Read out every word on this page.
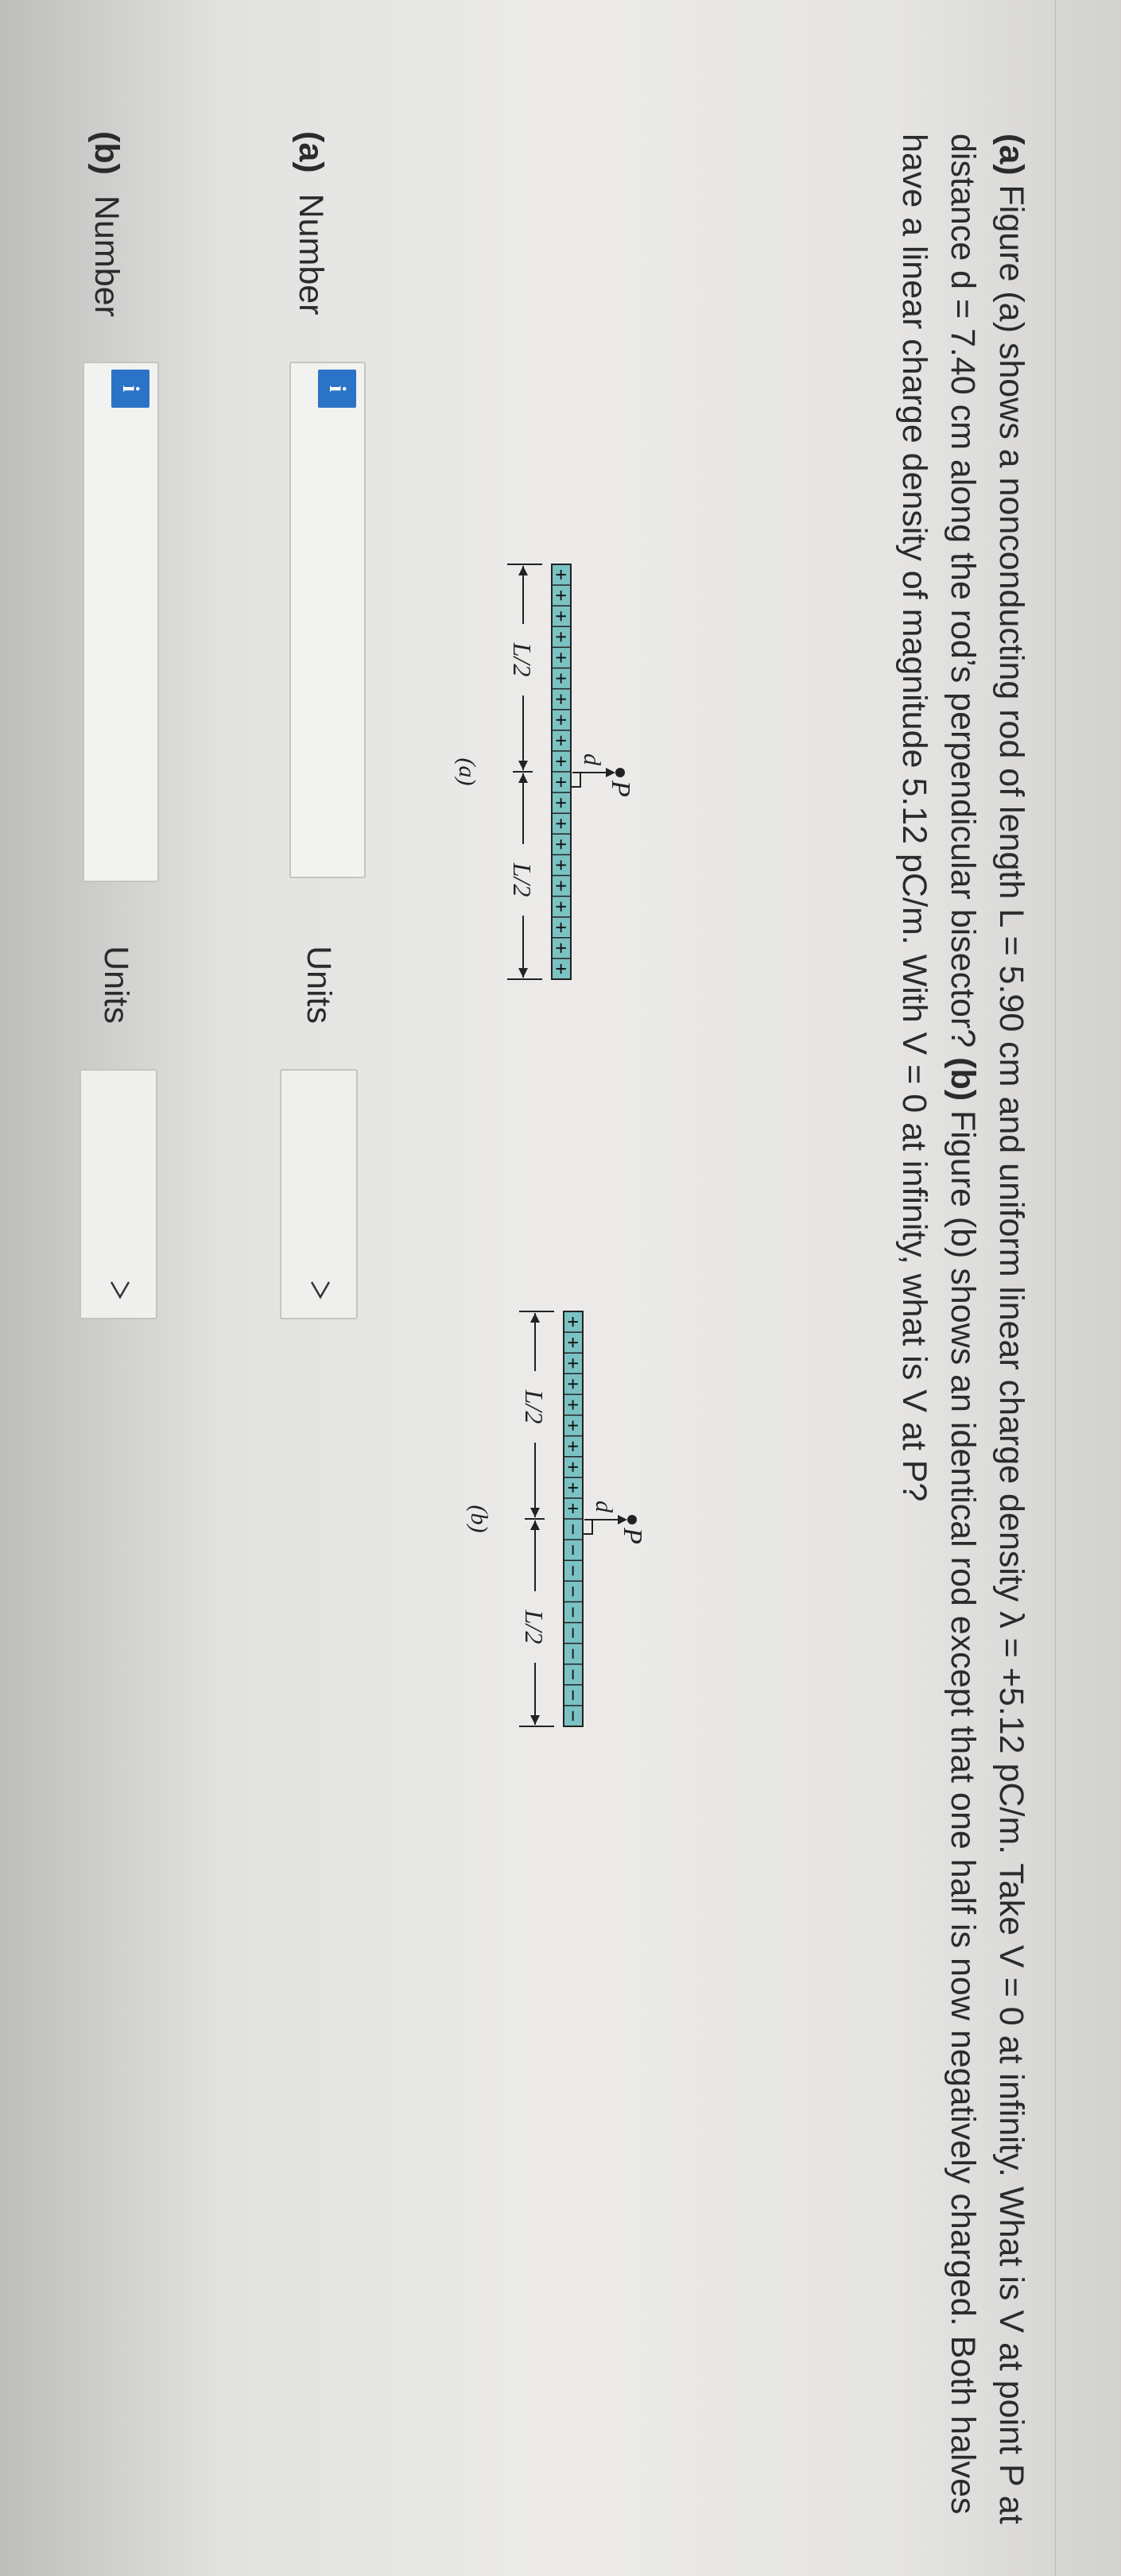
(a) Figure (a) shows a nonconducting rod of length L = 5.90 cm and uniform linear charge density λ = +5.12 pC/m. Take V = 0 at infinity. What is V at point P at distance d = 7.40 cm along the rod’s perpendicular bisector? (b) Figure (b) shows an identical rod except that one half is now negatively charged. Both halves have a linear charge density of magnitude 5.12 pC/m. With V = 0 at infinity, what is V at P?
P
d
+
+
+
+
+
+
+
+
+
+
+
+
+
+
+
+
+
+
+
+
L/2
L/2
(a)
P
d
+
+
+
+
+
+
+
+
+
+
−
−
−
−
−
−
−
−
−
−
L/2
L/2
(b)
(a)Number
i
Units
(b)Number
i
Units
